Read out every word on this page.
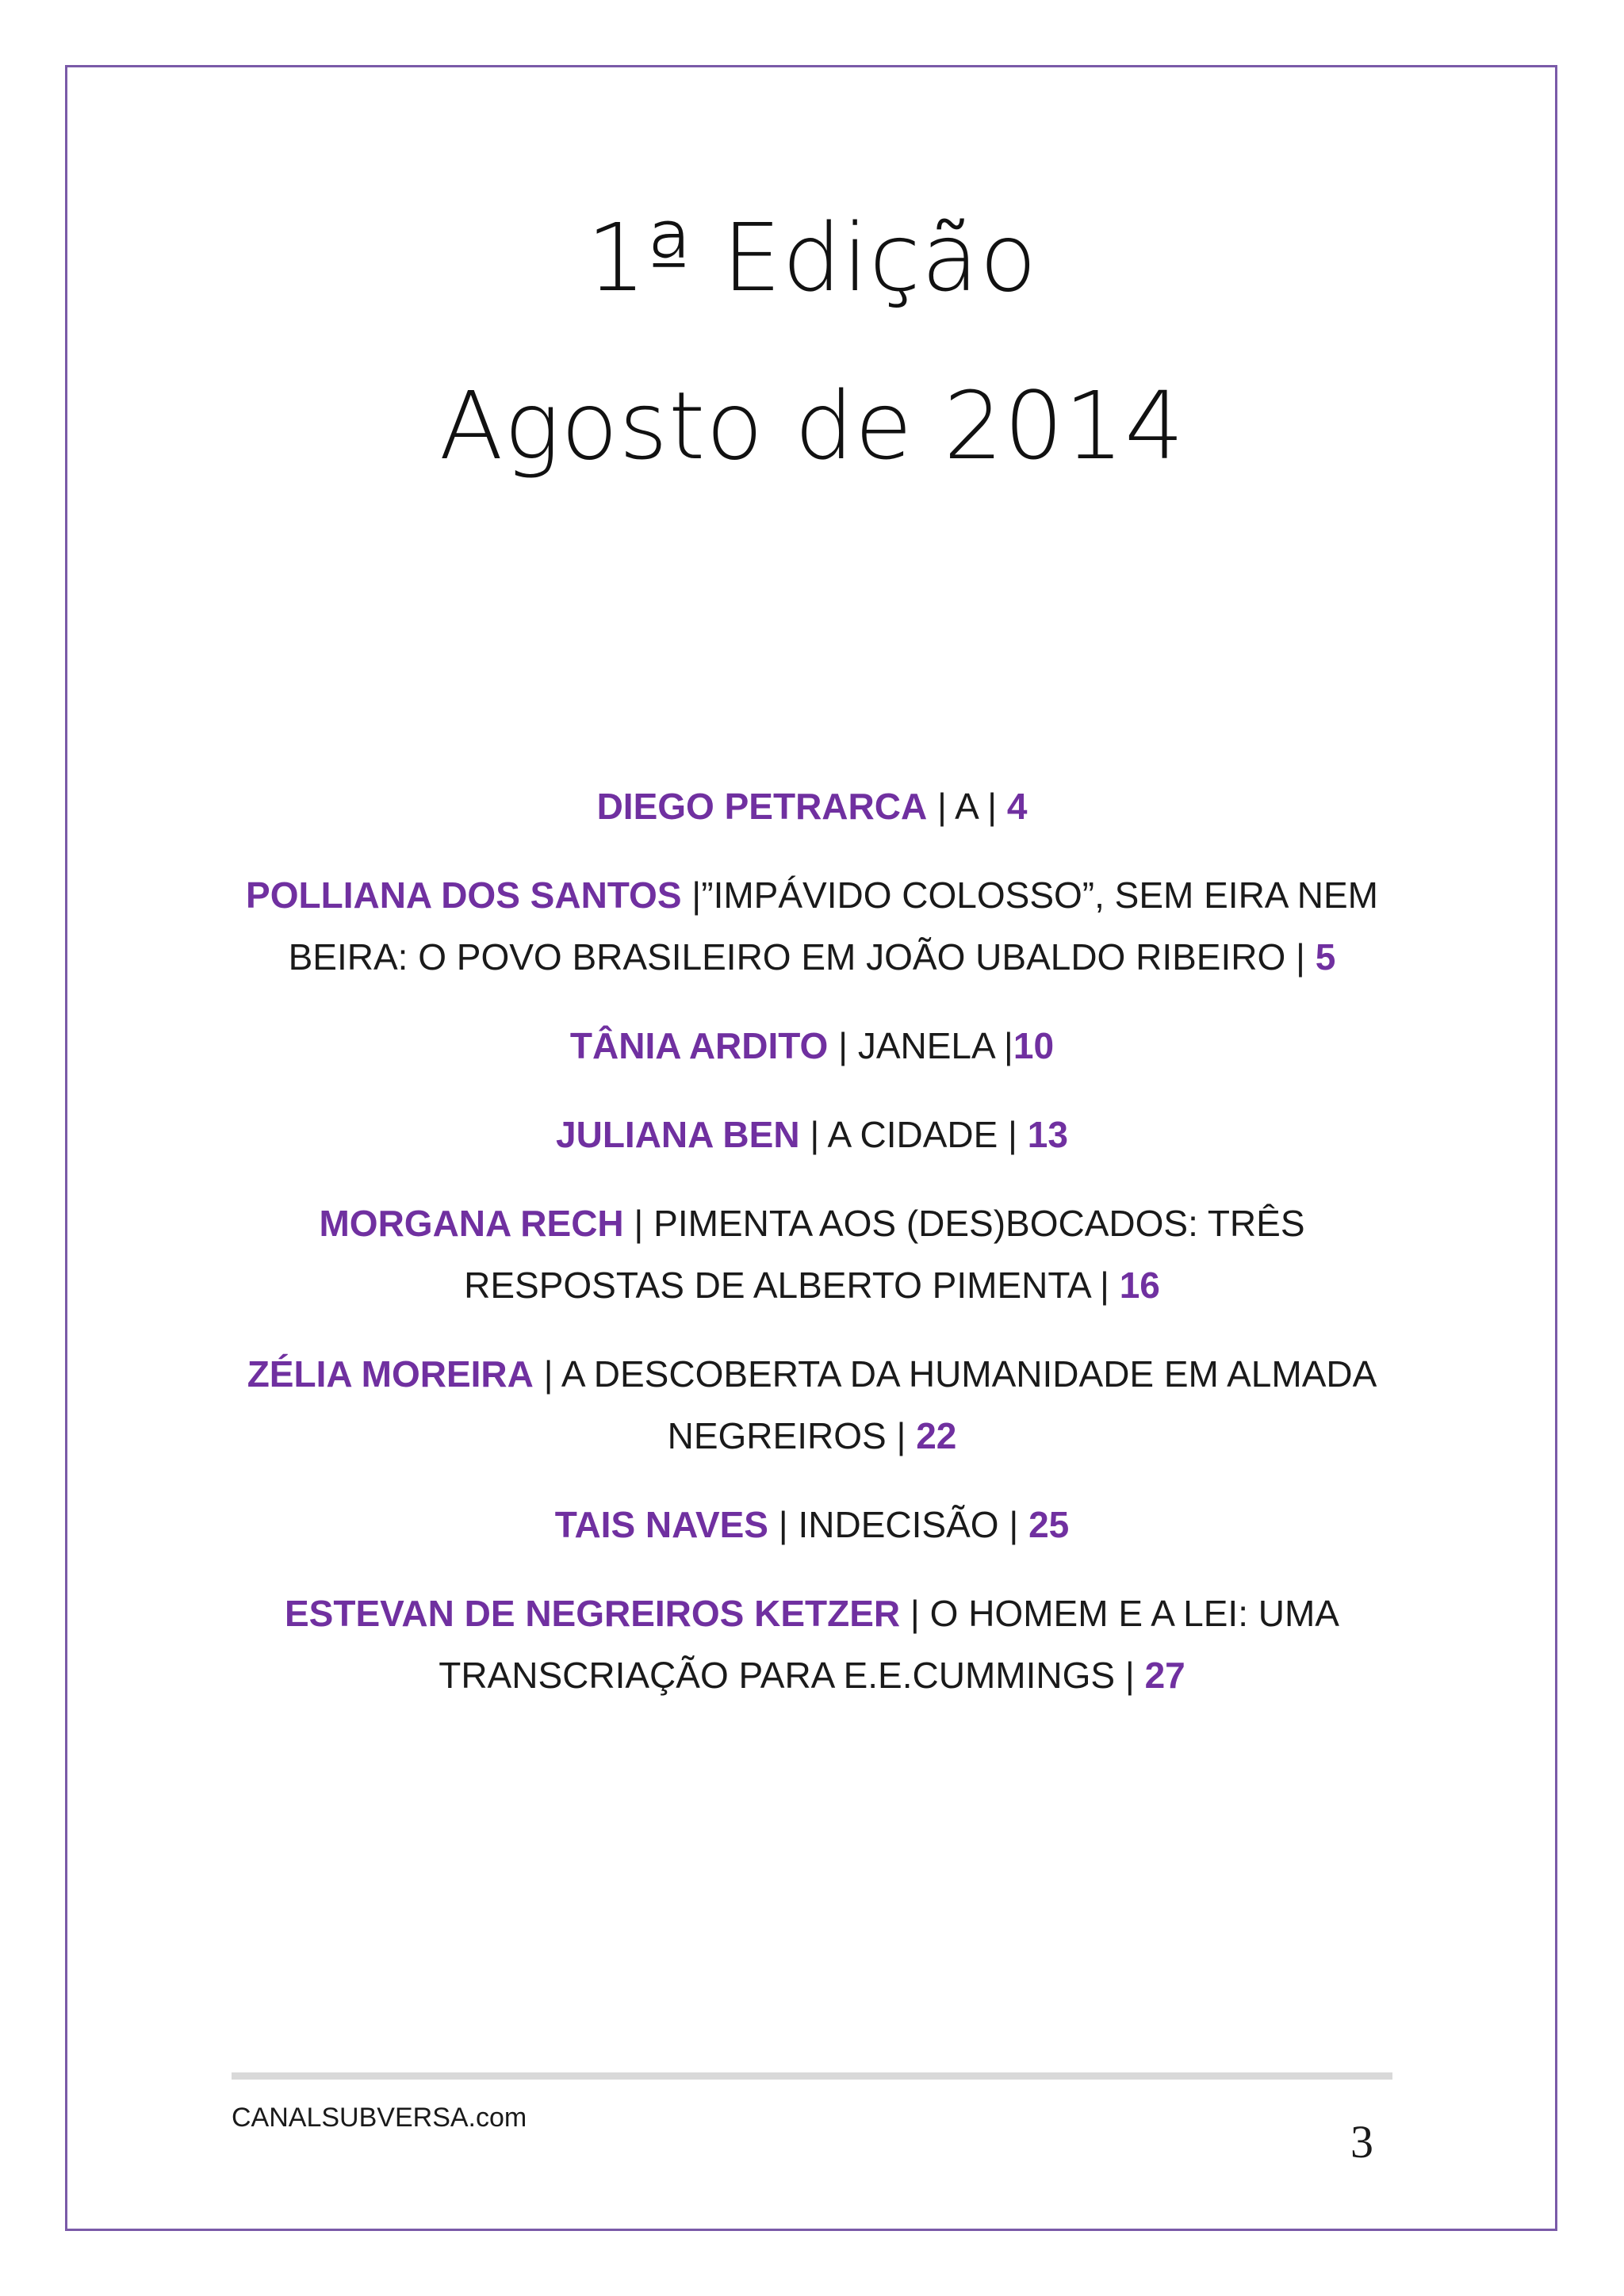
1ª Edição
Agosto de 2014
DIEGO PETRARCA | A | 4
POLLIANA DOS SANTOS |”IMPÁVIDO COLOSSO”, SEM EIRA NEM BEIRA: O POVO BRASILEIRO EM JOÃO UBALDO RIBEIRO | 5
TÂNIA ARDITO | JANELA |10
JULIANA BEN | A CIDADE | 13
MORGANA RECH | PIMENTA AOS (DES)BOCADOS: TRÊS RESPOSTAS DE ALBERTO PIMENTA | 16
ZÉLIA MOREIRA | A DESCOBERTA DA HUMANIDADE EM ALMADA NEGREIROS | 22
TAIS NAVES | INDECISÃO | 25
ESTEVAN DE NEGREIROS KETZER | O HOMEM E A LEI: UMA TRANSCRIAÇÃO PARA E.E.CUMMINGS | 27
CANALSUBVERSA.com	3
